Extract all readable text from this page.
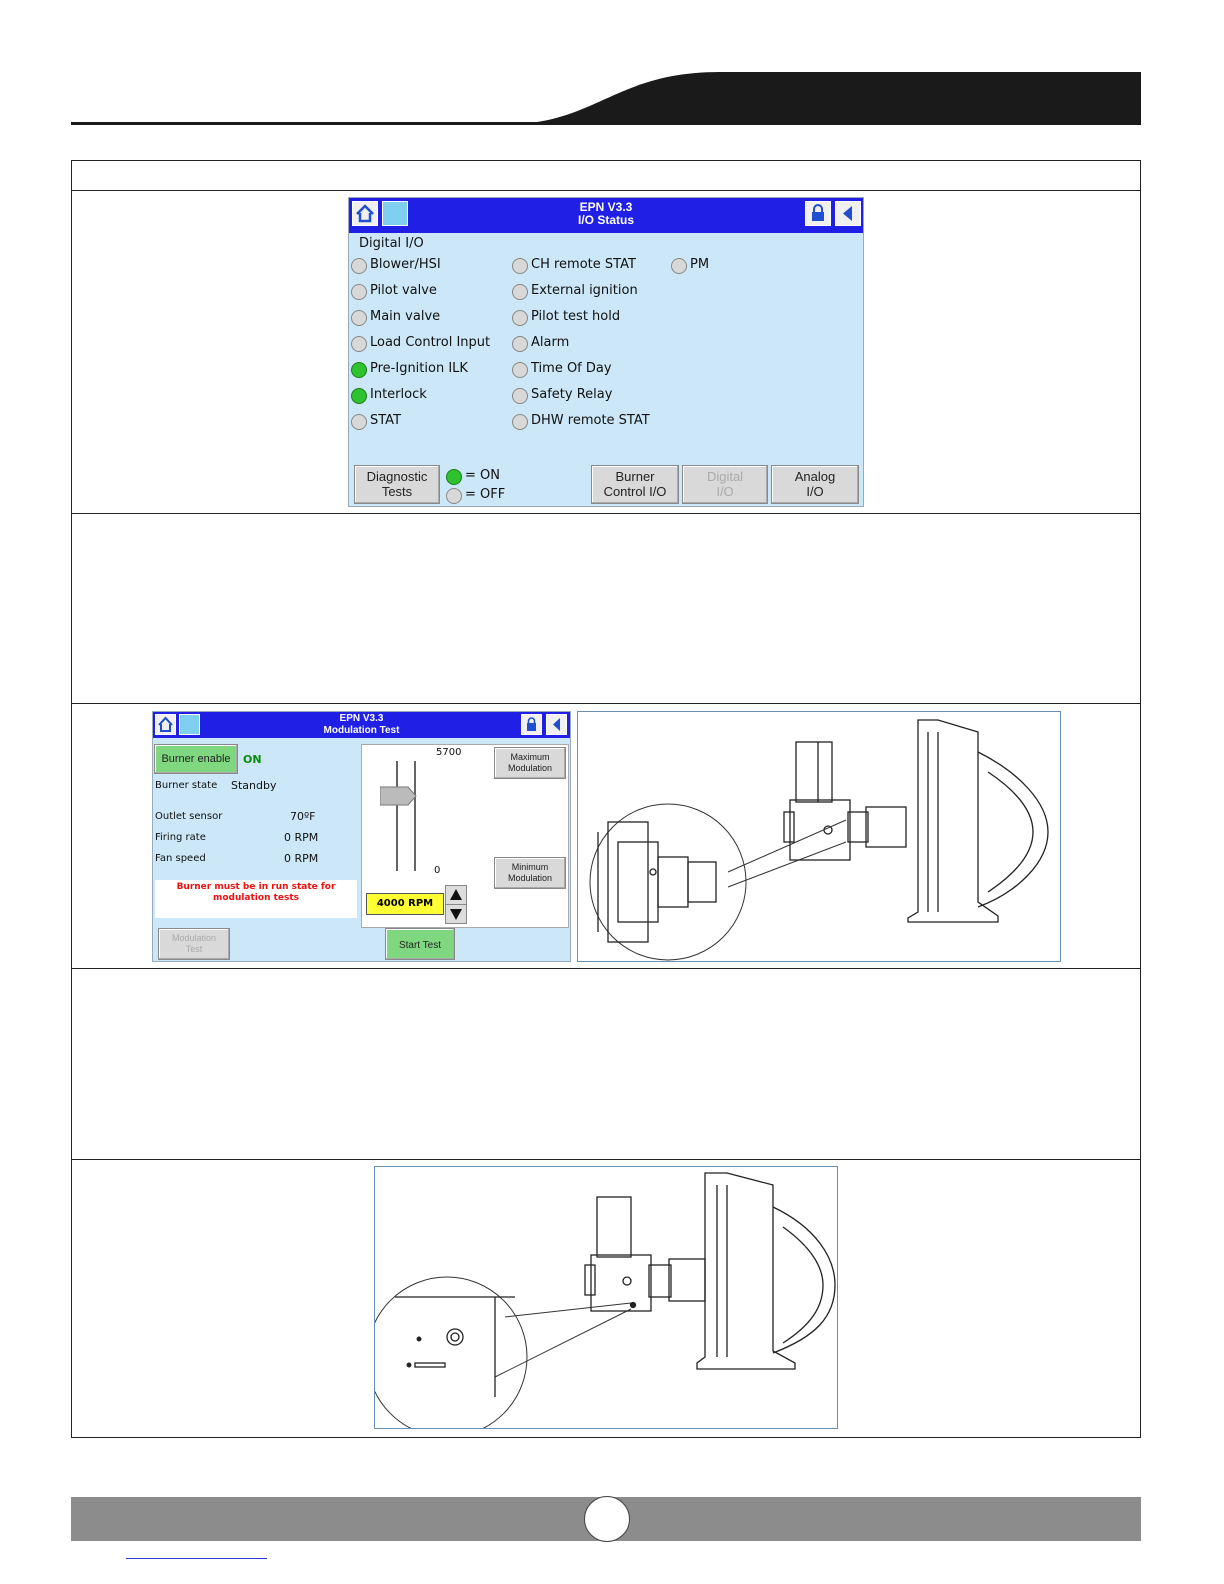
EPN V3.3
I/O Status
Digital I/O
Blower/HSI
Pilot valve
Main valve
Load Control Input
Pre-Ignition ILK
Interlock
STAT
CH remote STAT
External ignition
Pilot test hold
Alarm
Time Of Day
Safety Relay
DHW remote STAT
PM
Diagnostic
Tests
= ON
= OFF
Burner
Control I/O
Digital
I/O
Analog
I/O
EPN V3.3
Modulation Test
Burner enable	ON
Burner state Standby
Outlet sensor	70ºF
Firing rate	0 RPM
Fan speed	0 RPM
Burner must be in run state for
modulation tests
5700
0
4000 RPM
Maximum
Modulation
Minimum
Modulation
Modulation
Test	Start Test
